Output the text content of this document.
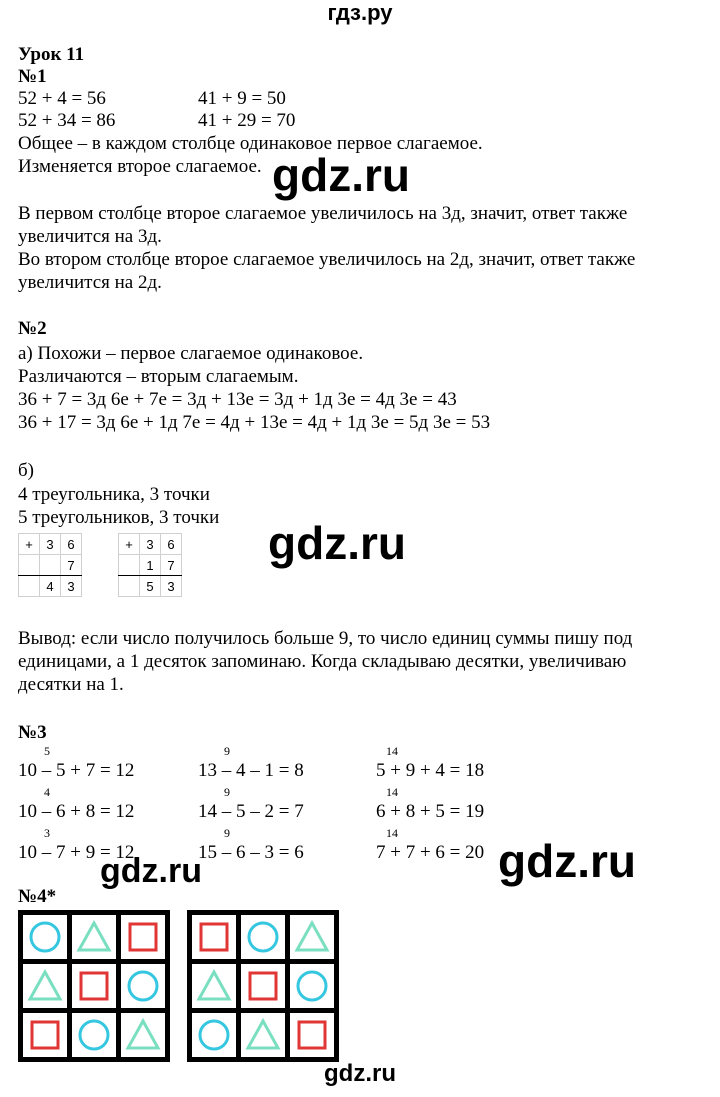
гдз.ру
Урок 11
№1
52 + 4 = 56	41 + 9 = 50
52 + 34 = 86	41 + 29 = 70
Общее – в каждом столбце одинаковое первое слагаемое.
Изменяется второе слагаемое. gdz.ru
В первом столбце второе слагаемое увеличилось на 3д, значит, ответ также
увеличится на 3д.
Во втором столбце второе слагаемое увеличилось на 2д, значит, ответ также
увеличится на 2д.
№2
а) Похожи – первое слагаемое одинаковое.
Различаются – вторым слагаемым.
36 + 7 = 3д 6е + 7е = 3д + 13е = 3д + 1д 3е = 4д 3е = 43
36 + 17 = 3д 6е + 1д 7е = 4д + 13е = 4д + 1д 3е = 5д 3е = 53
б)
4 треугольника, 3 точки
5 треугольников, 3 точки
+	3	6
		7
	4	3
+	3	6
	1	7
	5	3
gdz.ru
Вывод: если число получилось больше 9, то число единиц суммы пишу под
единицами, а 1 десяток запоминаю. Когда складываю десятки, увеличиваю
десятки на 1.
№3
5	9	14
10 – 5 + 7 = 12	13 – 4 – 1 = 8	5 + 9 + 4 = 18
4	9	14
10 – 6 + 8 = 12	14 – 5 – 2 = 7	6 + 8 + 5 = 19
3	9	14
10 – 7 + 9 = 12	15 – 6 – 3 = 6	7 + 7 + 6 = 20
gdz.ru	gdz.ru
№4*
gdz.ru
